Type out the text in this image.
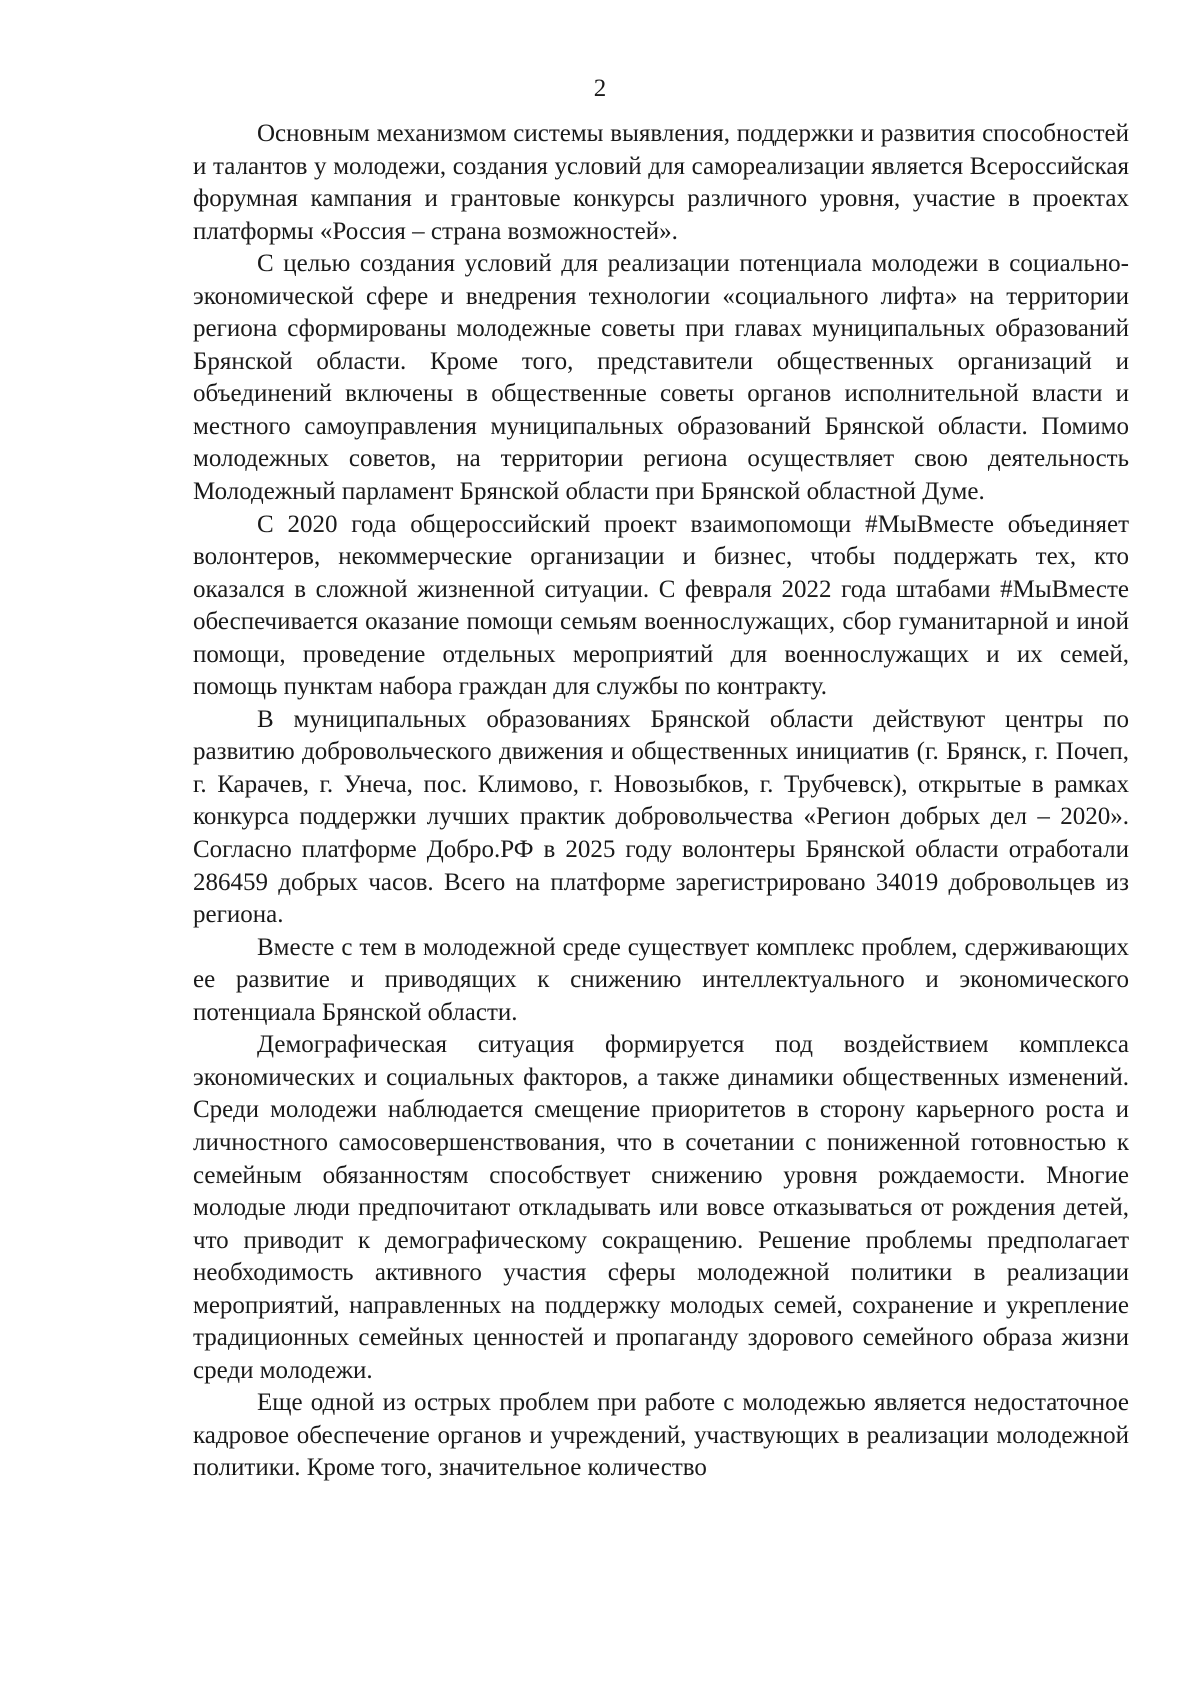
2

Основным механизмом системы выявления, поддержки и развития способностей и талантов у молодежи, создания условий для самореализации является Всероссийская форумная кампания и грантовые конкурсы различного уровня, участие в проектах платформы «Россия – страна возможностей».

С целью создания условий для реализации потенциала молодежи в социально-экономической сфере и внедрения технологии «социального лифта» на территории региона сформированы молодежные советы при главах муниципальных образований Брянской области. Кроме того, представители общественных организаций и объединений включены в общественные советы органов исполнительной власти и местного самоуправления муниципальных образований Брянской области. Помимо молодежных советов, на территории региона осуществляет свою деятельность Молодежный парламент Брянской области при Брянской областной Думе.

С 2020 года общероссийский проект взаимопомощи #МыВместе объединяет волонтеров, некоммерческие организации и бизнес, чтобы поддержать тех, кто оказался в сложной жизненной ситуации. С февраля 2022 года штабами #МыВместе обеспечивается оказание помощи семьям военнослужащих, сбор гуманитарной и иной помощи, проведение отдельных мероприятий для военнослужащих и их семей, помощь пунктам набора граждан для службы по контракту.

В муниципальных образованиях Брянской области действуют центры по развитию добровольческого движения и общественных инициатив (г. Брянск, г. Почеп, г. Карачев, г. Унеча, пос. Климово, г. Новозыбков, г. Трубчевск), открытые в рамках конкурса поддержки лучших практик добровольчества «Регион добрых дел – 2020». Согласно платформе Добро.РФ в 2025 году волонтеры Брянской области отработали 286459 добрых часов. Всего на платформе зарегистрировано 34019 добровольцев из региона.

Вместе с тем в молодежной среде существует комплекс проблем, сдерживающих ее развитие и приводящих к снижению интеллектуального и экономического потенциала Брянской области.

Демографическая ситуация формируется под воздействием комплекса экономических и социальных факторов, а также динамики общественных изменений. Среди молодежи наблюдается смещение приоритетов в сторону карьерного роста и личностного самосовершенствования, что в сочетании с пониженной готовностью к семейным обязанностям способствует снижению уровня рождаемости. Многие молодые люди предпочитают откладывать или вовсе отказываться от рождения детей, что приводит к демографическому сокращению. Решение проблемы предполагает необходимость активного участия сферы молодежной политики в реализации мероприятий, направленных на поддержку молодых семей, сохранение и укрепление традиционных семейных ценностей и пропаганду здорового семейного образа жизни среди молодежи.

Еще одной из острых проблем при работе с молодежью является недостаточное кадровое обеспечение органов и учреждений, участвующих в реализации молодежной политики. Кроме того, значительное количество
